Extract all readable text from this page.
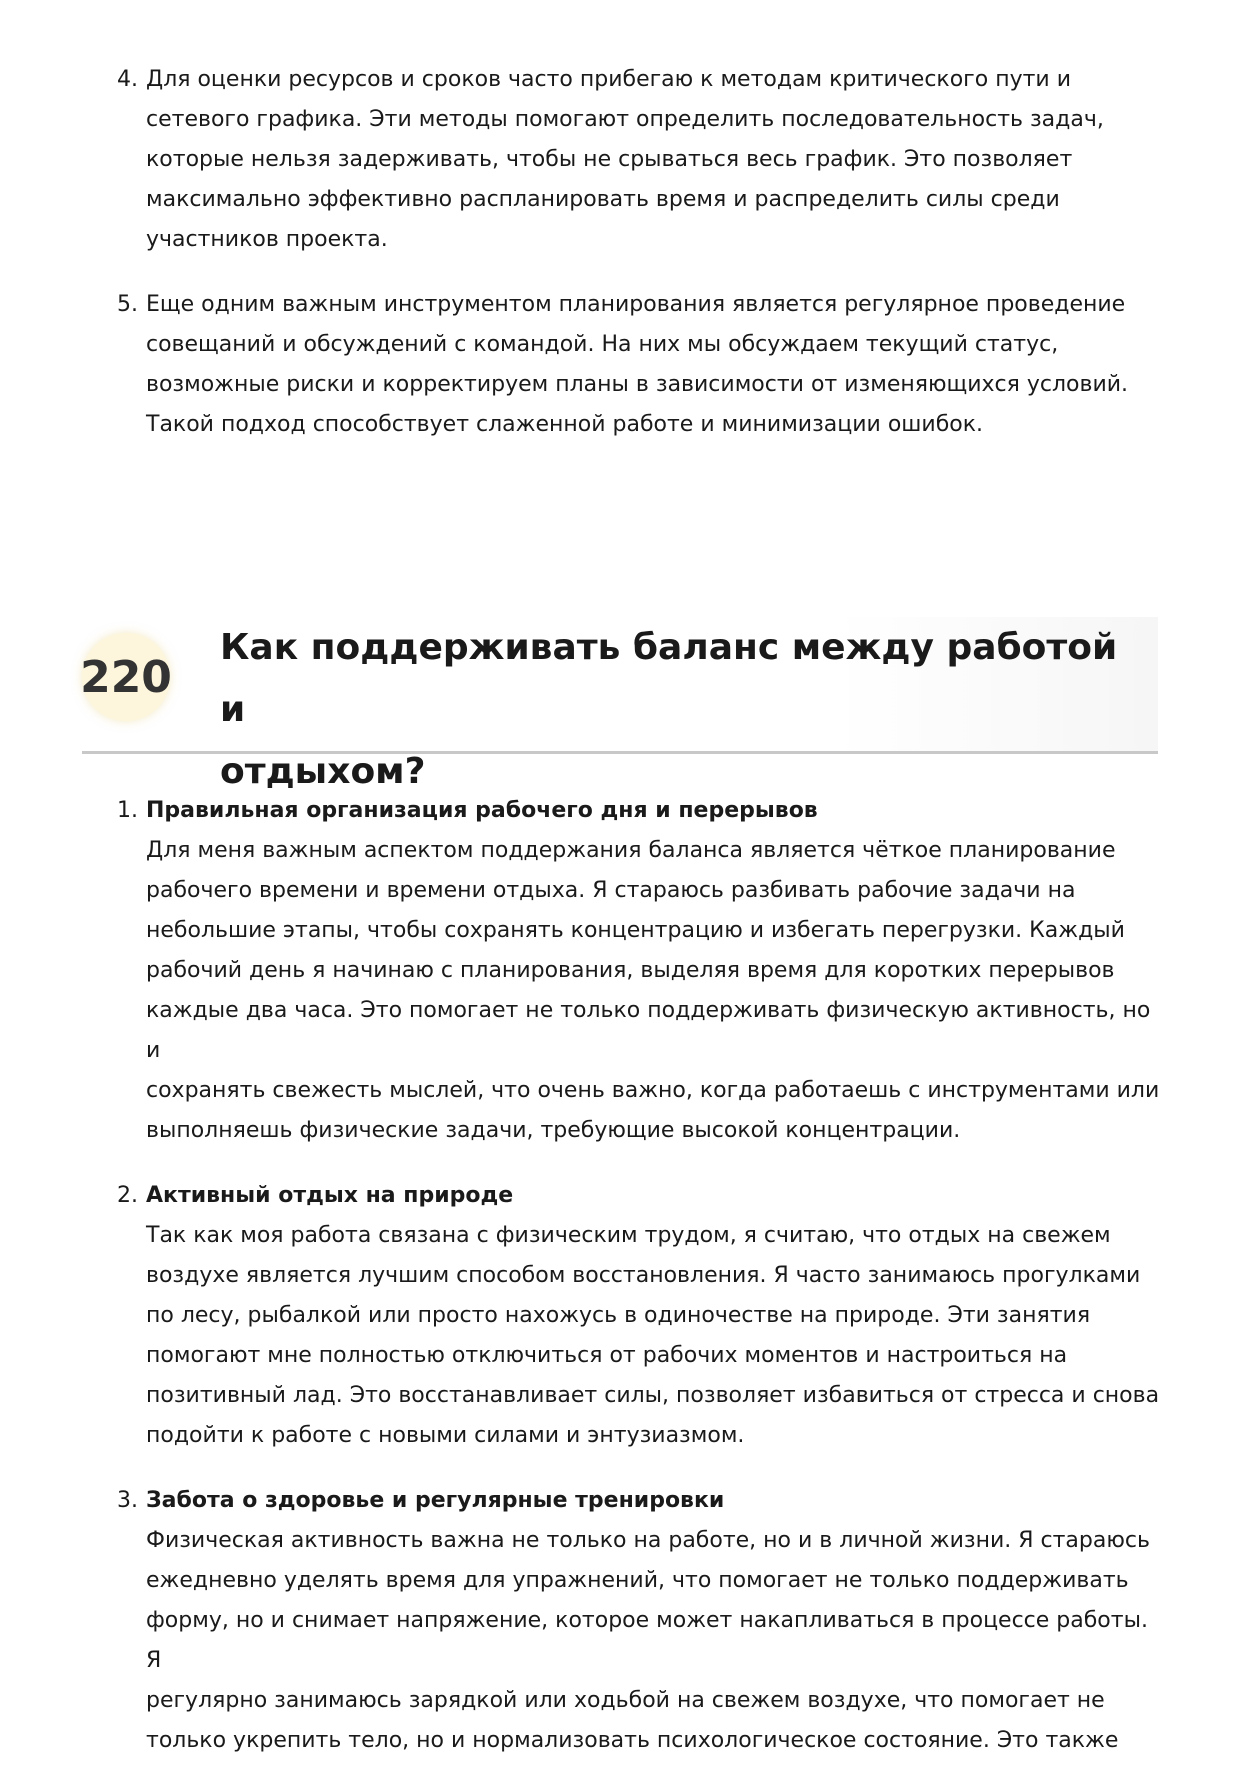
4. Для оценки ресурсов и сроков часто прибегаю к методам критического пути и
сетевого графика. Эти методы помогают определить последовательность задач,
которые нельзя задерживать, чтобы не срываться весь график. Это позволяет
максимально эффективно распланировать время и распределить силы среди
участников проекта.
5. Еще одним важным инструментом планирования является регулярное проведение
совещаний и обсуждений с командой. На них мы обсуждаем текущий статус,
возможные риски и корректируем планы в зависимости от изменяющихся условий.
Такой подход способствует слаженной работе и минимизации ошибок.
220
Как поддерживать баланс между работой и
отдыхом?
1. Правильная организация рабочего дня и перерывов
Для меня важным аспектом поддержания баланса является чёткое планирование
рабочего времени и времени отдыха. Я стараюсь разбивать рабочие задачи на
небольшие этапы, чтобы сохранять концентрацию и избегать перегрузки. Каждый
рабочий день я начинаю с планирования, выделяя время для коротких перерывов
каждые два часа. Это помогает не только поддерживать физическую активность, но и
сохранять свежесть мыслей, что очень важно, когда работаешь с инструментами или
выполняешь физические задачи, требующие высокой концентрации.
2. Активный отдых на природе
Так как моя работа связана с физическим трудом, я считаю, что отдых на свежем
воздухе является лучшим способом восстановления. Я часто занимаюсь прогулками
по лесу, рыбалкой или просто нахожусь в одиночестве на природе. Эти занятия
помогают мне полностью отключиться от рабочих моментов и настроиться на
позитивный лад. Это восстанавливает силы, позволяет избавиться от стресса и снова
подойти к работе с новыми силами и энтузиазмом.
3. Забота о здоровье и регулярные тренировки
Физическая активность важна не только на работе, но и в личной жизни. Я стараюсь
ежедневно уделять время для упражнений, что помогает не только поддерживать
форму, но и снимает напряжение, которое может накапливаться в процессе работы. Я
регулярно занимаюсь зарядкой или ходьбой на свежем воздухе, что помогает не
только укрепить тело, но и нормализовать психологическое состояние. Это также
